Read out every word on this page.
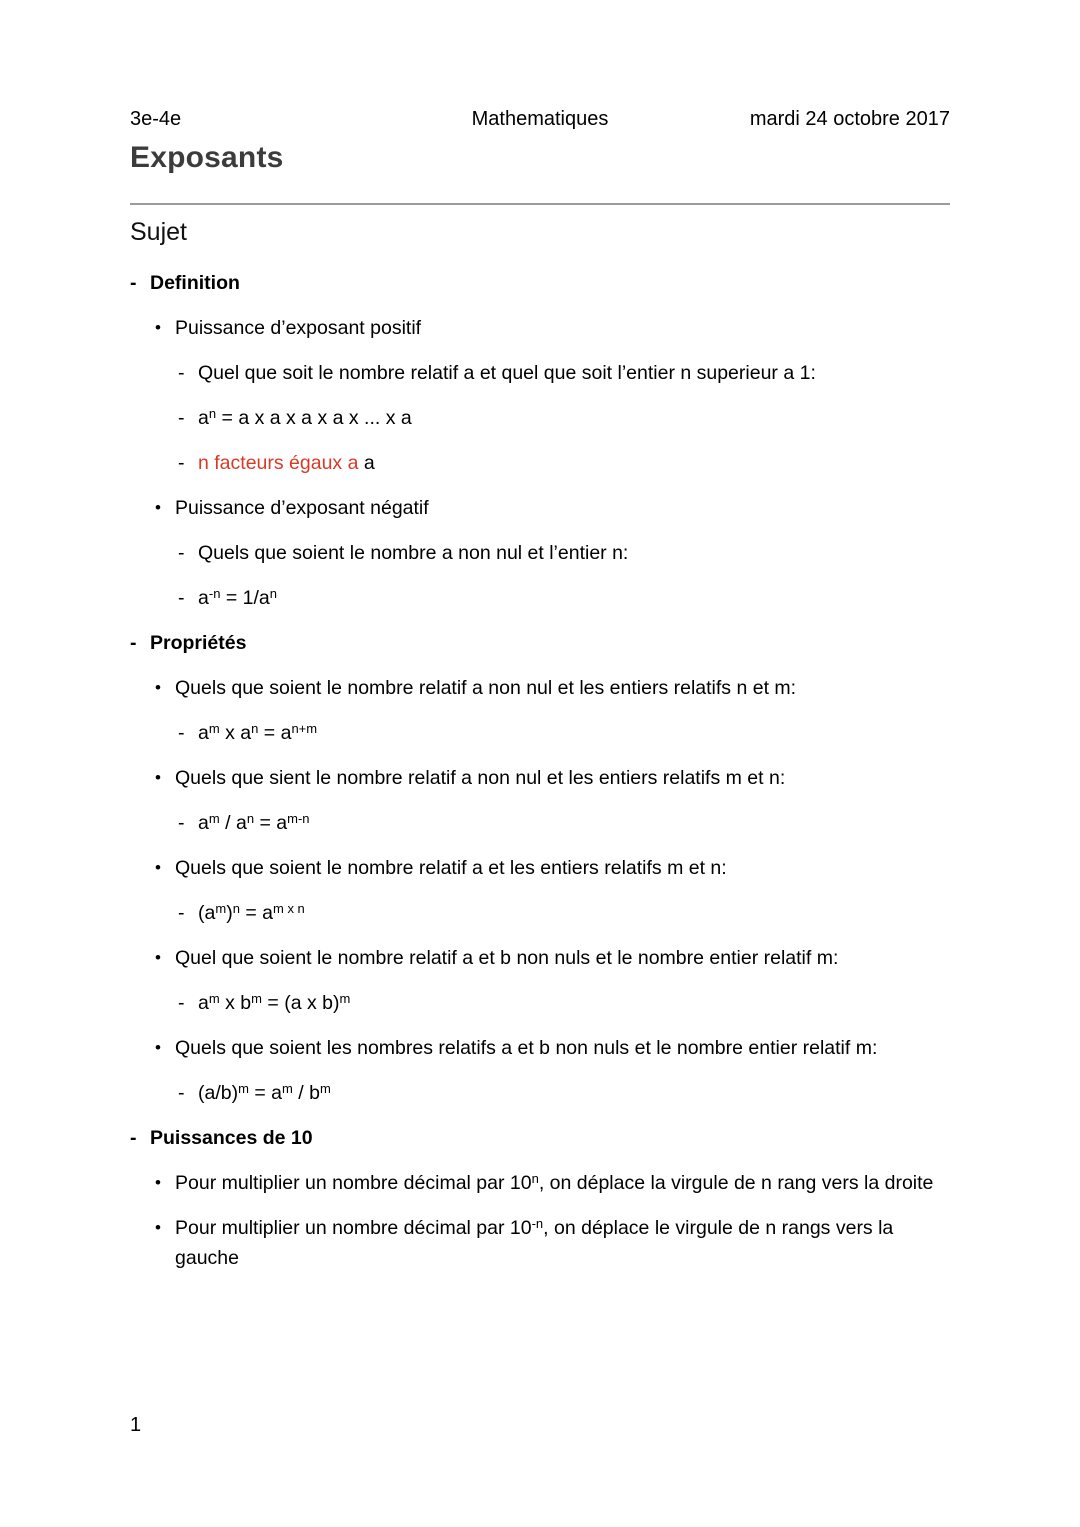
3e-4e	Mathematiques	mardi 24 octobre 2017
Exposants
Sujet
- Definition
• Puissance d’exposant positif
- Quel que soit le nombre relatif a et quel que soit l’entier n superieur a 1:
- $a^n = a$ x a x a x a x ... x a
- n facteurs égaux a a
• Puissance d’exposant négatif
- Quels que soient le nombre a non nul et l’entier n:
- $a^{-n} = 1/a^n$
- Propriétés
• Quels que soient le nombre relatif a non nul et les entiers relatifs n et m:
- $a^m$ x $a^n = a^{n+m}$
• Quels que sient le nombre relatif a non nul et les entiers relatifs m et n:
- $a^m / a^n = a^{m-n}$
• Quels que soient le nombre relatif a et les entiers relatifs m et n:
- $(a^m)^n = a^{m x n}$
• Quel que soient le nombre relatif a et b non nuls et le nombre entier relatif m:
- $a^m$ x $b^m = (a$ x b)$^m$
• Quels que soient les nombres relatifs a et b non nuls et le nombre entier relatif m:
- $(a/b)^m = a^m / b^m$
- Puissances de 10
• Pour multiplier un nombre décimal par 10$^n$, on déplace la virgule de n rang vers la droite
• Pour multiplier un nombre décimal par $10^{-n}$, on déplace le virgule de n rangs vers la gauche
1
